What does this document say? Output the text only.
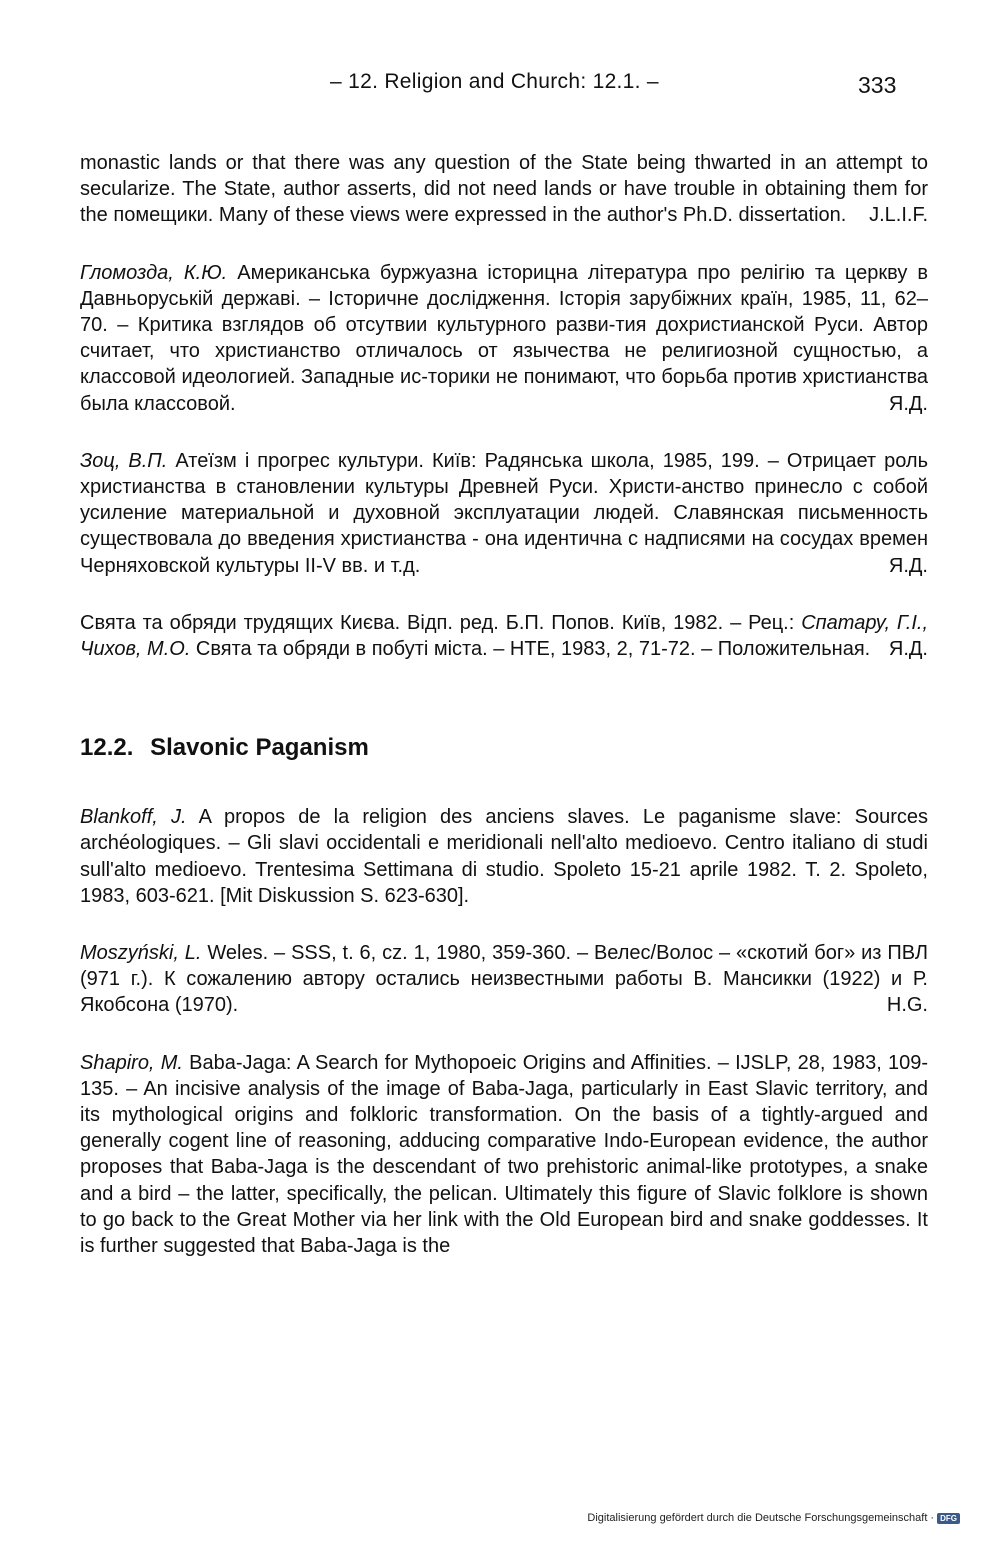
– 12. Religion and Church: 12.1. –	333

monastic lands or that there was any question of the State being thwarted in an attempt to secularize. The State, author asserts, did not need lands or have trouble in obtaining them for the помещики. Many of these views were expressed in the author's Ph.D. dissertation. J.L.I.F.

Гломозда, К.Ю. Американська буржуазна історицна література про релігію та церкву в Давньоруській державі. – Історичне дослідження. Історія зарубіжних країн, 1985, 11, 62–70. – Критика взглядов об отсутвии культурного разви-тия дохристианской Руси. Автор считает, что христианство отличалось от язычества не религиозной сущностью, а классовой идеологией. Западные ис-торики не понимают, что борьба против христианства была классовой.	Я.Д.

Зоц, В.П. Атеїзм і прогрес культури. Київ: Радянська школа, 1985, 199. – Отрицает роль христианства в становлении культуры Древней Руси. Христи-анство принесло с собой усиление материальной и духовной эксплуатации людей. Славянская письменность существовала до введения христианства - она идентична с надписями на сосудах времен Черняховской культуры II-V вв. и т.д.	Я.Д.

Свята та обряди трудящих Києва. Відп. ред. Б.П. Попов. Київ, 1982. – Рец.: Спатару, Г.І., Чихов, М.О. Свята та обряди в побуті міста. – НТЕ, 1983, 2, 71-72. – Положительная. Я.Д.

12.2. Slavonic Paganism

Blankoff, J. A propos de la religion des anciens slaves. Le paganisme slave: Sources archéologiques. – Gli slavi occidentali e meridionali nell'alto medioevo. Centro italiano di studi sull'alto medioevo. Trentesima Settimana di studio. Spoleto 15-21 aprile 1982. T. 2. Spoleto, 1983, 603-621. [Mit Diskussion S. 623-630].

Moszyński, L. Weles. – SSS, t. 6, cz. 1, 1980, 359-360. – Велес/Волос – «скотий бог» из ПВЛ (971 г.). К сожалению автору остались неизвестными работы В. Мансикки (1922) и Р. Якобсона (1970).	H.G.

Shapiro, M. Baba-Jaga: A Search for Mythopoeic Origins and Affinities. – IJSLP, 28, 1983, 109-135. – An incisive analysis of the image of Baba-Jaga, particularly in East Slavic territory, and its mythological origins and folkloric transformation. On the basis of a tightly-argued and generally cogent line of reasoning, adducing comparative Indo-European evidence, the author proposes that Baba-Jaga is the descendant of two prehistoric animal-like prototypes, a snake and a bird – the latter, specifically, the pelican. Ultimately this figure of Slavic folklore is shown to go back to the Great Mother via her link with the Old European bird and snake goddesses. It is further suggested that Baba-Jaga is the

Digitalisierung gefördert durch die Deutsche Forschungsgemeinschaft · DFG
